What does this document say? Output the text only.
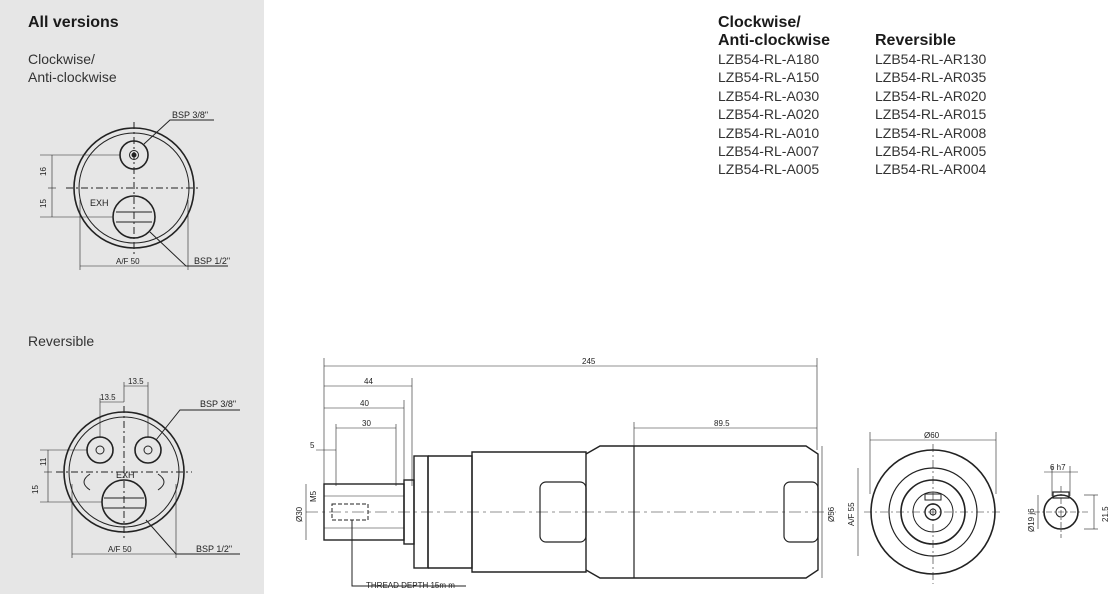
All versions
Clockwise/
Anti-clockwise
Reversible
BSP 3/8"
BSP 1/2"
EXH
16
15
A/F 50
13.5
13.5
BSP 3/8"
BSP 1/2"
EXH
11
15
A/F 50
Clockwise/
Anti-clockwise
LZB54-RL-A180
LZB54-RL-A150
LZB54-RL-A030
LZB54-RL-A020
LZB54-RL-A010
LZB54-RL-A007
LZB54-RL-A005
Reversible
LZB54-RL-AR130
LZB54-RL-AR035
LZB54-RL-AR020
LZB54-RL-AR015
LZB54-RL-AR008
LZB54-RL-AR005
LZB54-RL-AR004
245
44
40
30
5
89.5
M5
Ø30	Ø56
THREAD DEPTH 15m m
Ø60
A/F 55
6 h7
Ø19 j6	21.5
